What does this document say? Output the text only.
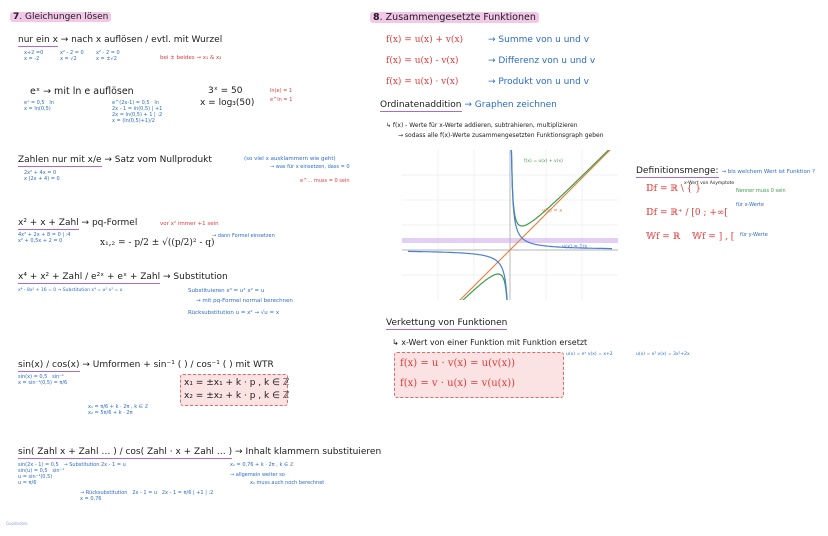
7. Gleichungen lösen
nur ein x → nach x auflösen / evtl. mit Wurzel
bei ± beides → x₁ & x₂
x+2 =0
x = -2
x² - 2 = 0
x = √2
x² - 2 = 0
x = ±√2
eˣ → mit ln e auflösen	3ˣ = 50
x = log₃(50)
ln(e) = 1
e^ln = 1
eˣ = 0,5   ln
x = ln(0,5)
e^(2x-1) = 0,5   ln
2x - 1 = ln(0,5) | +1
2x = ln(0,5) + 1 | :2
x = (ln(0,5)+1)/2
Zahlen nur mit x/e → Satz vom Nullprodukt	(so viel x ausklammern wie geht)
→ was für x einsetzen, dass = 0
e^… muss = 0 sein
2x² + 4x = 0
x (2x + 4) = 0
x² + x + Zahl → pq-Formel	vor x² immer +1 sein
x₁,₂ = - p/2 ± √((p/2)² - q)
→ dann Formel einsetzen
4x² + 2x + 8 = 0 | :4
x² + 0,5x + 2 = 0
x⁴ + x² + Zahl / e²ˣ + eˣ + Zahl → Substitution
Substituieren x⁴ = u² x² = u
→ mit pq-Formel normal berechnen
Rücksubstitution u = x² → √u = x
x⁴ - 8x² + 16 = 0 → Substitution x⁴ = u² x² = u
sin(x) / cos(x) → Umformen + sin⁻¹ ( ) / cos⁻¹ ( ) mit WTR
x₁ = ±x₁ + k · p , k ∈ ℤ
x₂ = ±x₂ + k · p , k ∈ ℤ
sin(x) = 0,5   sin⁻¹
x = sin⁻¹(0,5) = π/6
x₁ = π/6 + k · 2π , k ∈ ℤ
x₂ = 5π/6 + k · 2π
sin( Zahl x + Zahl … ) / cos( Zahl · x + Zahl … ) → Inhalt klammern substituieren
sin(2x - 1) = 0,5   → Substitution 2x - 1 = u
sin(u) = 0,5   sin⁻¹
u = sin⁻¹(0,5)
u = π/6
→ Rücksubstitution   2x - 1 = u   2x - 1 = π/6 | +1 | :2
x = 0,76
x₁ = 0,76 + k · 2π , k ∈ ℤ
→ allgemein weiter so
x₂ muss auch noch berechnet
Goodnotes
8. Zusammengesetzte Funktionen
f(x) = u(x) + v(x)	→ Summe von u und v
f(x) = u(x) - v(x)	→ Differenz von u und v
f(x) = u(x) · v(x)	→ Produkt von u und v
Ordinatenaddition → Graphen zeichnen
↳ f(x) - Werte für x-Werte addieren, subtrahieren, multiplizieren
→ sodass alle f(x)-Werte zusammengesetzten Funktionsgraph geben
f(x) = u(x) + v(x)
v(x) = x
u(x) = 1/x
Definitionsmenge: → bis welchem Wert ist Funktion ?
𝔻f = ℝ \ { }
x-Wert von Asymptote
Nenner muss 0 sein
𝔻f = ℝ⁺ / [0 ; +∞[
für x-Werte
𝕎f = ℝ 𝕎f = ] , [ für y-Werte
Verkettung von Funktionen
↳ x-Wert von einer Funktion mit Funktion ersetzt
f(x) = u · v(x) = u(v(x))
f(x) = v · u(x) = v(u(x))
u(x) = eˣ v(x) = x+2	u(x) = x² v(x) = 3x²+2x
